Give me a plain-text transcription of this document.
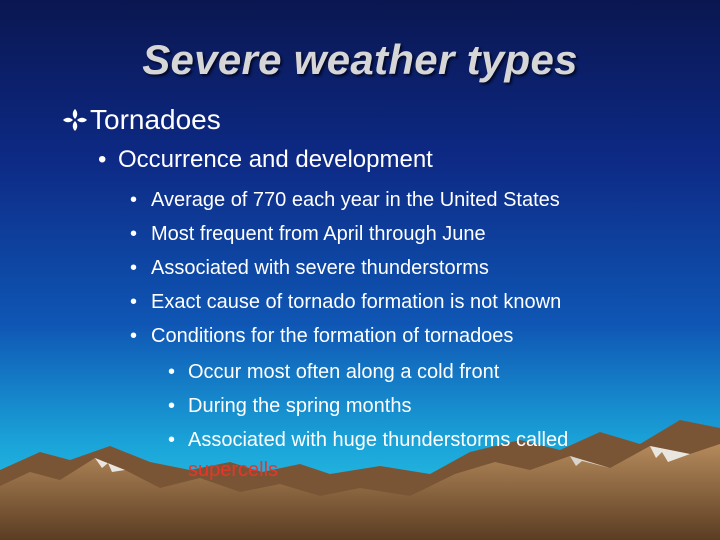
Severe weather types
Tornadoes
• Occurrence and development
• Average of 770 each year in the United States
• Most frequent from April through June
• Associated with severe thunderstorms
• Exact cause of tornado formation is not known
• Conditions for the formation of tornadoes
• Occur most often along a cold front
• During the spring months
• Associated with huge thunderstorms called
supercells
